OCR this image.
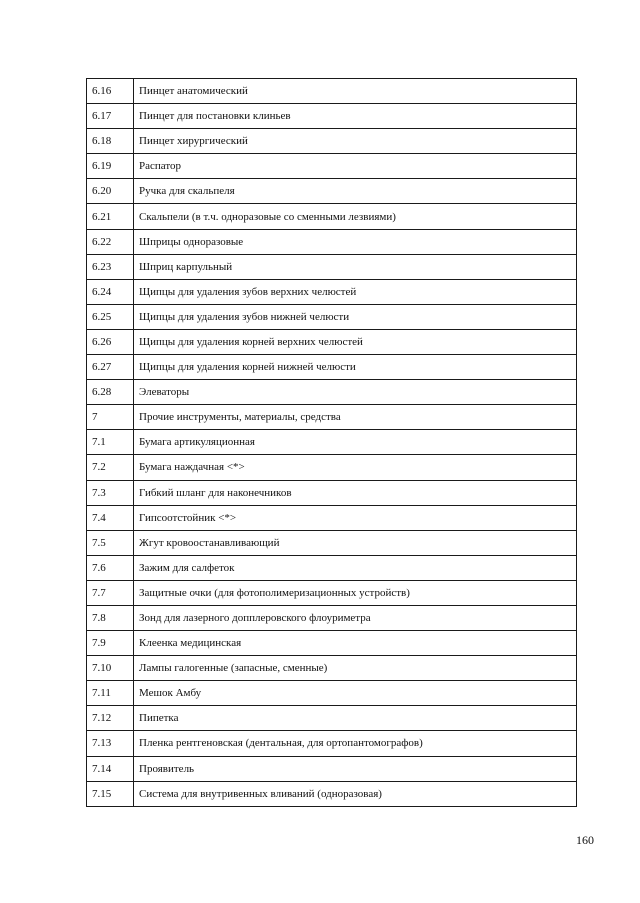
6.16	Пинцет анатомический
6.17	Пинцет для постановки клиньев
6.18	Пинцет хирургический
6.19	Распатор
6.20	Ручка для скальпеля
6.21	Скальпели (в т.ч. одноразовые со сменными лезвиями)
6.22	Шприцы одноразовые
6.23	Шприц карпульный
6.24	Щипцы для удаления зубов верхних челюстей
6.25	Щипцы для удаления зубов нижней челюсти
6.26	Щипцы для удаления корней верхних челюстей
6.27	Щипцы для удаления корней нижней челюсти
6.28	Элеваторы
7	Прочие инструменты, материалы, средства
7.1	Бумага артикуляционная
7.2	Бумага наждачная <*>
7.3	Гибкий шланг для наконечников
7.4	Гипсоотстойник <*>
7.5	Жгут кровоостанавливающий
7.6	Зажим для салфеток
7.7	Защитные очки (для фотополимеризационных устройств)
7.8	Зонд для лазерного допплеровского флоуриметра
7.9	Клеенка медицинская
7.10	Лампы галогенные (запасные, сменные)
7.11	Мешок Амбу
7.12	Пипетка
7.13	Пленка рентгеновская (дентальная, для ортопантомографов)
7.14	Проявитель
7.15	Система для внутривенных вливаний (одноразовая)
160
